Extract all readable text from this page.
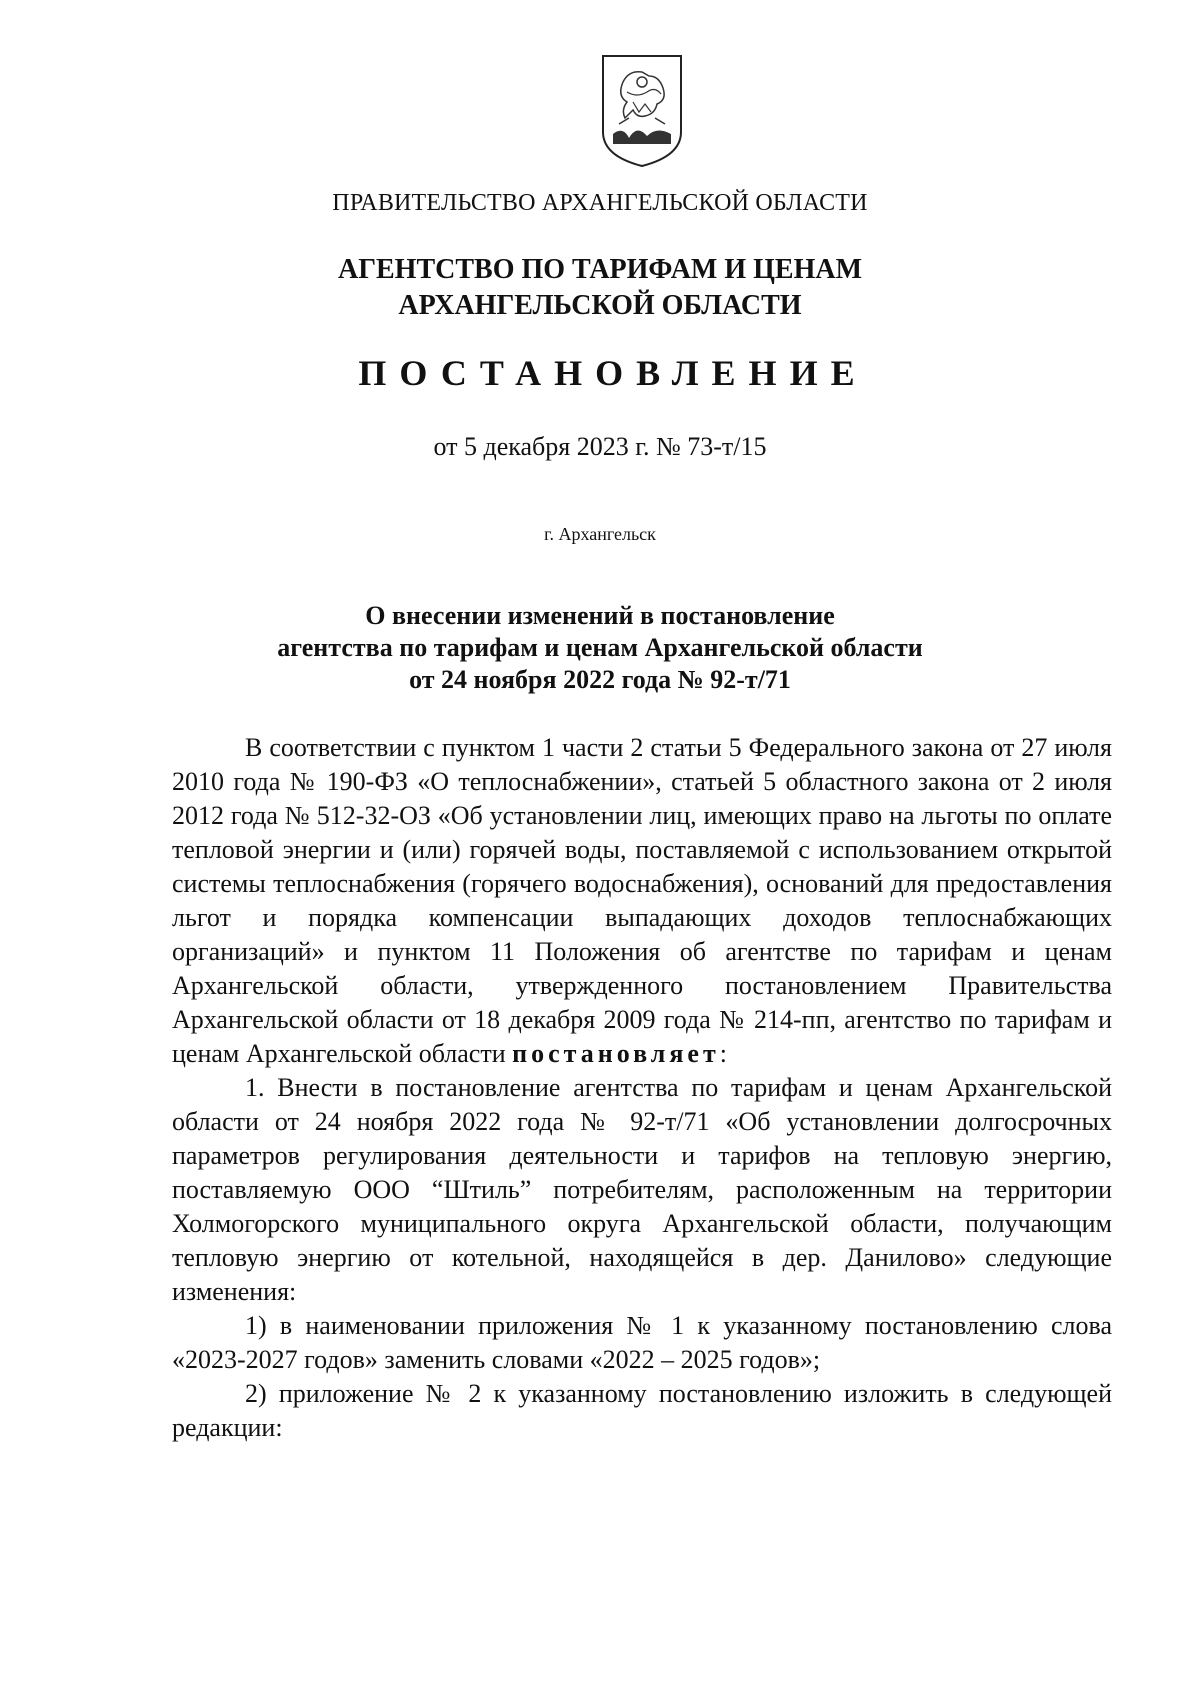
ПРАВИТЕЛЬСТВО АРХАНГЕЛЬСКОЙ ОБЛАСТИ
АГЕНТСТВО ПО ТАРИФАМ И ЦЕНАМ
АРХАНГЕЛЬСКОЙ ОБЛАСТИ
ПОСТАНОВЛЕНИЕ
от 5 декабря 2023 г. № 73-т/15
г. Архангельск
О внесении изменений в постановление
агентства по тарифам и ценам Архангельской области
от 24 ноября 2022 года № 92-т/71

В соответствии с пунктом 1 части 2 статьи 5 Федерального закона от 27 июля 2010 года № 190-ФЗ «О теплоснабжении», статьей 5 областного закона от 2 июля 2012 года № 512-32-ОЗ «Об установлении лиц, имеющих право на льготы по оплате тепловой энергии и (или) горячей воды, поставляемой с использованием открытой системы теплоснабжения (горячего водоснабжения), оснований для предоставления льгот и порядка компенсации выпадающих доходов теплоснабжающих организаций» и пунктом 11 Положения об агентстве по тарифам и ценам Архангельской области, утвержденного постановлением Правительства Архангельской области от 18 декабря 2009 года № 214-пп, агентство по тарифам и ценам Архангельской области постановляет:

1. Внести в постановление агентства по тарифам и ценам Архангельской области от 24 ноября 2022 года № 92-т/71 «Об установлении долгосрочных параметров регулирования деятельности и тарифов на тепловую энергию, поставляемую ООО “Штиль” потребителям, расположенным на территории Холмогорского муниципального округа Архангельской области, получающим тепловую энергию от котельной, находящейся в дер. Данилово» следующие изменения:

1) в наименовании приложения № 1 к указанному постановлению слова «2023-2027 годов» заменить словами «2022 – 2025 годов»;

2) приложение № 2 к указанному постановлению изложить в следующей редакции:
